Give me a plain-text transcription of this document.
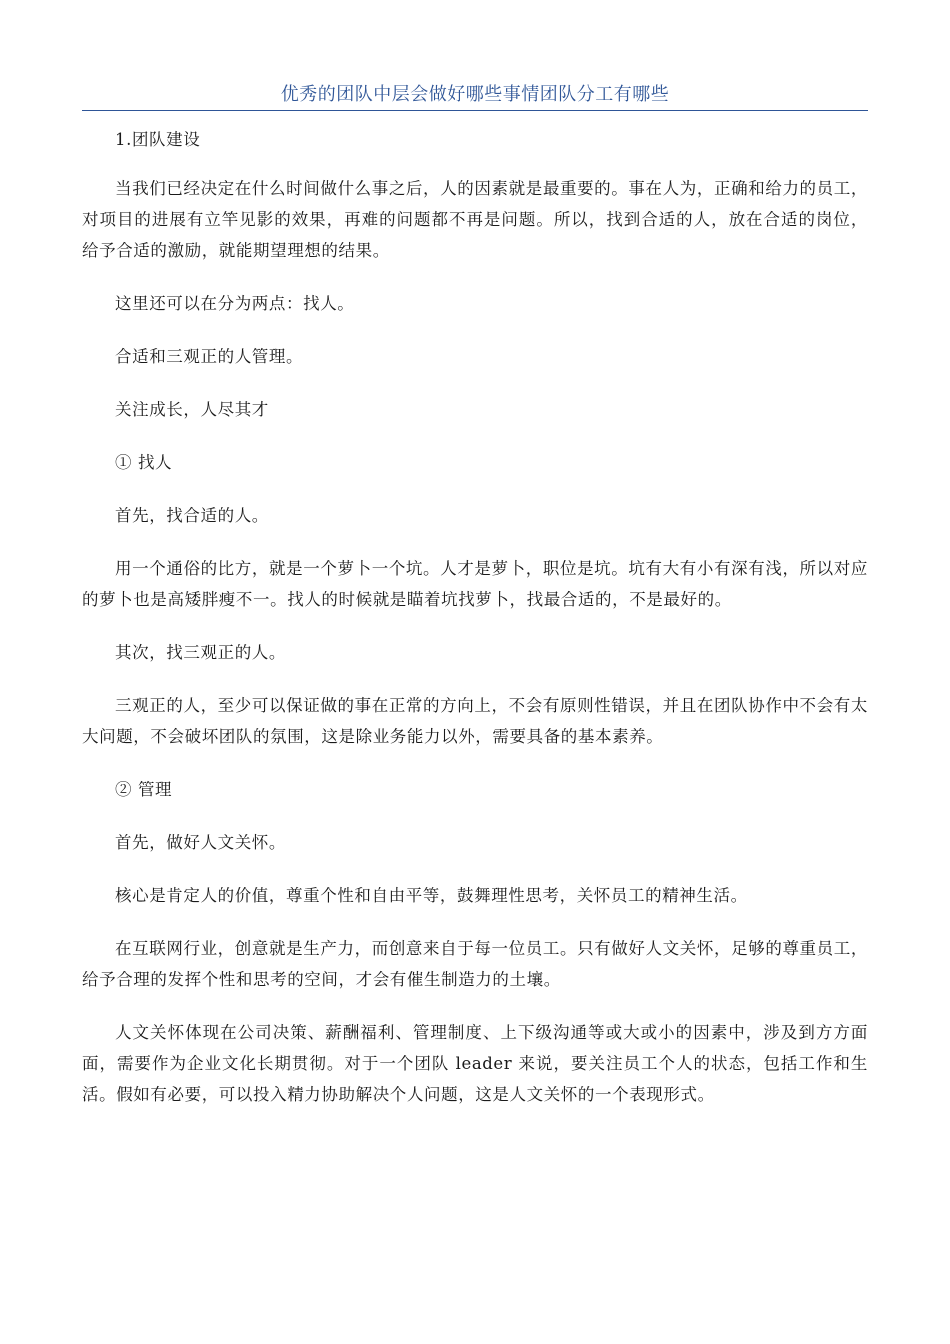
优秀的团队中层会做好哪些事情团队分工有哪些

1.团队建设

当我们已经决定在什么时间做什么事之后，人的因素就是最重要的。事在人为，正确和给力的员工，对项目的进展有立竿见影的效果，再难的问题都不再是问题。所以，找到合适的人，放在合适的岗位，给予合适的激励，就能期望理想的结果。

这里还可以在分为两点：找人。

合适和三观正的人管理。

关注成长，人尽其才

① 找人

首先，找合适的人。

用一个通俗的比方，就是一个萝卜一个坑。人才是萝卜，职位是坑。坑有大有小有深有浅，所以对应的萝卜也是高矮胖瘦不一。找人的时候就是瞄着坑找萝卜，找最合适的，不是最好的。

其次，找三观正的人。

三观正的人，至少可以保证做的事在正常的方向上，不会有原则性错误，并且在团队协作中不会有太大问题，不会破坏团队的氛围，这是除业务能力以外，需要具备的基本素养。

② 管理

首先，做好人文关怀。

核心是肯定人的价值，尊重个性和自由平等，鼓舞理性思考，关怀员工的精神生活。

在互联网行业，创意就是生产力，而创意来自于每一位员工。只有做好人文关怀，足够的尊重员工，给予合理的发挥个性和思考的空间，才会有催生制造力的土壤。

人文关怀体现在公司决策、薪酬福利、管理制度、上下级沟通等或大或小的因素中，涉及到方方面面，需要作为企业文化长期贯彻。对于一个团队 leader 来说，要关注员工个人的状态，包括工作和生活。假如有必要，可以投入精力协助解决个人问题，这是人文关怀的一个表现形式。
